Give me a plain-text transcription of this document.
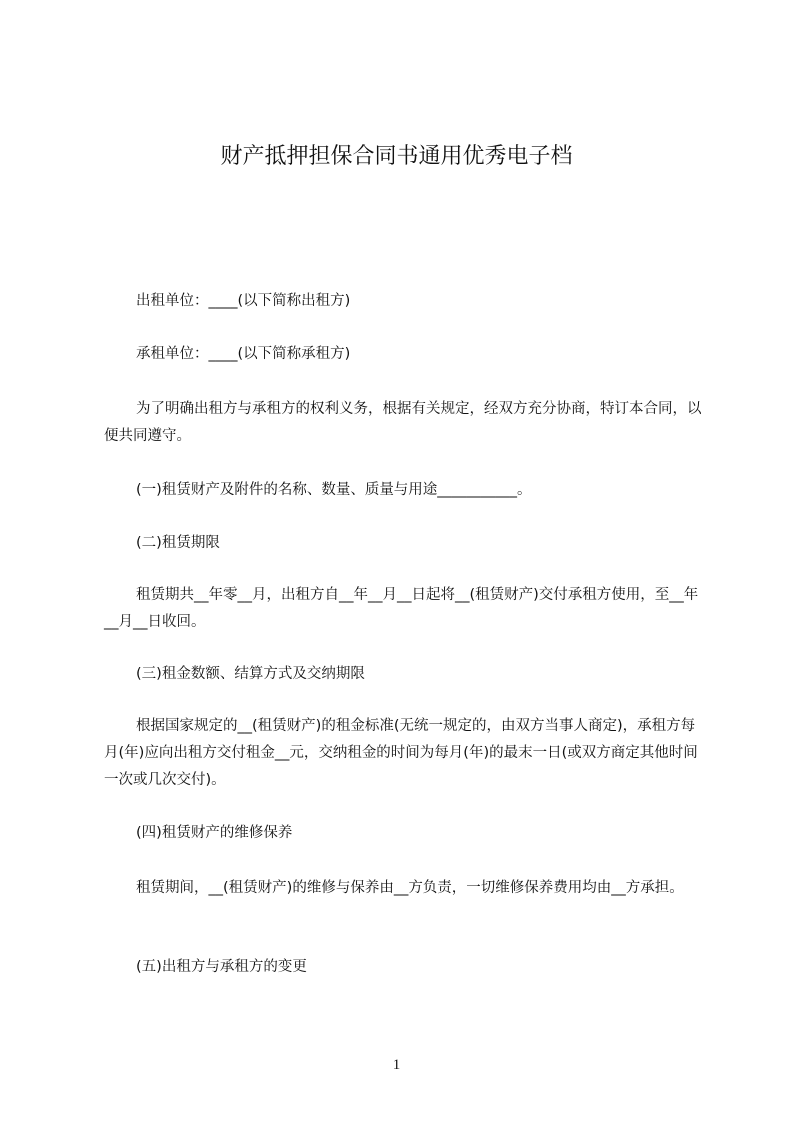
财产抵押担保合同书通用优秀电子档

出租单位：____(以下简称出租方)

承租单位：____(以下简称承租方)

为了明确出租方与承租方的权利义务，根据有关规定，经双方充分协商，特订本合同，以便共同遵守。

(一)租赁财产及附件的名称、数量、质量与用途___________。

(二)租赁期限

租赁期共__年零__月，出租方自__年__月__日起将__(租赁财产)交付承租方使用，至__年__月__日收回。

(三)租金数额、结算方式及交纳期限

根据国家规定的__(租赁财产)的租金标准(无统一规定的，由双方当事人商定)，承租方每月(年)应向出租方交付租金__元，交纳租金的时间为每月(年)的最末一日(或双方商定其他时间一次或几次交付)。

(四)租赁财产的维修保养

租赁期间，__(租赁财产)的维修与保养由__方负责，一切维修保养费用均由__方承担。

(五)出租方与承租方的变更

1
